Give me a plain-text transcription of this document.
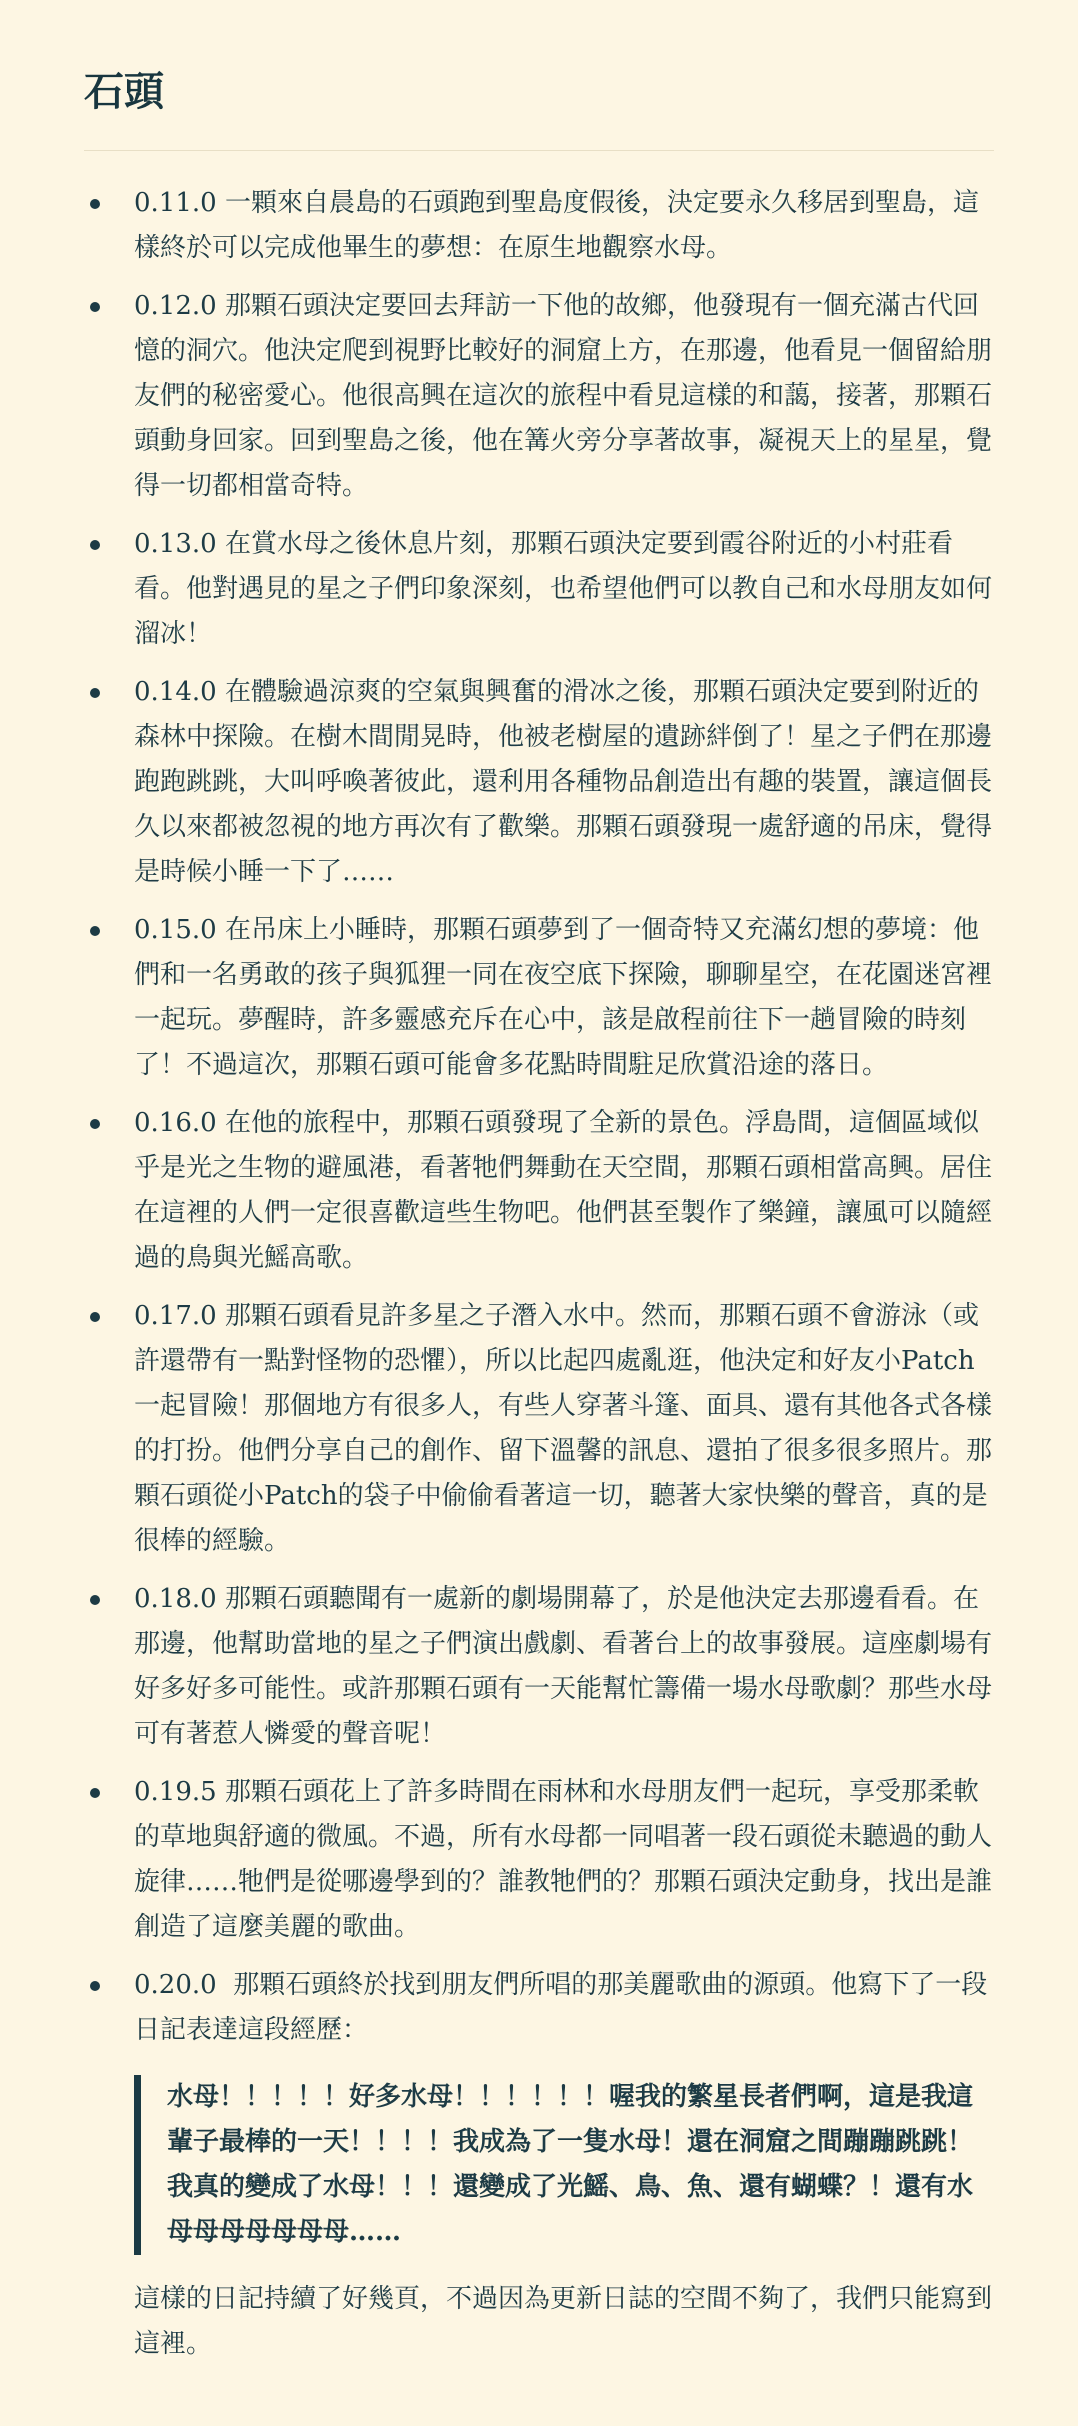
石頭
0.11.0 一顆來自晨島的石頭跑到聖島度假後，決定要永久移居到聖島，這樣終於可以完成他畢生的夢想：在原生地觀察水母。
0.12.0 那顆石頭決定要回去拜訪一下他的故鄉，他發現有一個充滿古代回憶的洞穴。他決定爬到視野比較好的洞窟上方，在那邊，他看見一個留給朋友們的秘密愛心。他很高興在這次的旅程中看見這樣的和藹，接著，那顆石頭動身回家。回到聖島之後，他在篝火旁分享著故事，凝視天上的星星，覺得一切都相當奇特。
0.13.0 在賞水母之後休息片刻，那顆石頭決定要到霞谷附近的小村莊看看。他對遇見的星之子們印象深刻，也希望他們可以教自己和水母朋友如何溜冰！
0.14.0 在體驗過涼爽的空氣與興奮的滑冰之後，那顆石頭決定要到附近的森林中探險。在樹木間閒晃時，他被老樹屋的遺跡絆倒了！星之子們在那邊跑跑跳跳，大叫呼喚著彼此，還利用各種物品創造出有趣的裝置，讓這個長久以來都被忽視的地方再次有了歡樂。那顆石頭發現一處舒適的吊床，覺得是時候小睡一下了……
0.15.0 在吊床上小睡時，那顆石頭夢到了一個奇特又充滿幻想的夢境：他們和一名勇敢的孩子與狐狸一同在夜空底下探險，聊聊星空，在花園迷宮裡一起玩。夢醒時，許多靈感充斥在心中，該是啟程前往下一趟冒險的時刻了！不過這次，那顆石頭可能會多花點時間駐足欣賞沿途的落日。
0.16.0 在他的旅程中，那顆石頭發現了全新的景色。浮島間，這個區域似乎是光之生物的避風港，看著牠們舞動在天空間，那顆石頭相當高興。居住在這裡的人們一定很喜歡這些生物吧。他們甚至製作了樂鐘，讓風可以隨經過的鳥與光鰩高歌。
0.17.0 那顆石頭看見許多星之子潛入水中。然而，那顆石頭不會游泳（或許還帶有一點對怪物的恐懼），所以比起四處亂逛，他決定和好友小Patch一起冒險！那個地方有很多人，有些人穿著斗篷、面具、還有其他各式各樣的打扮。他們分享自己的創作、留下溫馨的訊息、還拍了很多很多照片。那顆石頭從小Patch的袋子中偷偷看著這一切，聽著大家快樂的聲音，真的是很棒的經驗。
0.18.0 那顆石頭聽聞有一處新的劇場開幕了，於是他決定去那邊看看。在那邊，他幫助當地的星之子們演出戲劇、看著台上的故事發展。這座劇場有好多好多可能性。或許那顆石頭有一天能幫忙籌備一場水母歌劇？那些水母可有著惹人憐愛的聲音呢！
0.19.5 那顆石頭花上了許多時間在雨林和水母朋友們一起玩，享受那柔軟的草地與舒適的微風。不過，所有水母都一同唱著一段石頭從未聽過的動人旋律……牠們是從哪邊學到的？誰教牠們的？那顆石頭決定動身，找出是誰創造了這麼美麗的歌曲。
0.20.0 那顆石頭終於找到朋友們所唱的那美麗歌曲的源頭。他寫下了一段日記表達這段經歷：
水母！！！！！好多水母！！！！！！喔我的繁星長者們啊，這是我這輩子最棒的一天！！！！我成為了一隻水母！還在洞窟之間蹦蹦跳跳！我真的變成了水母！！！還變成了光鰩、鳥、魚、還有蝴蝶？！還有水母母母母母母母……
這樣的日記持續了好幾頁，不過因為更新日誌的空間不夠了，我們只能寫到這裡。
